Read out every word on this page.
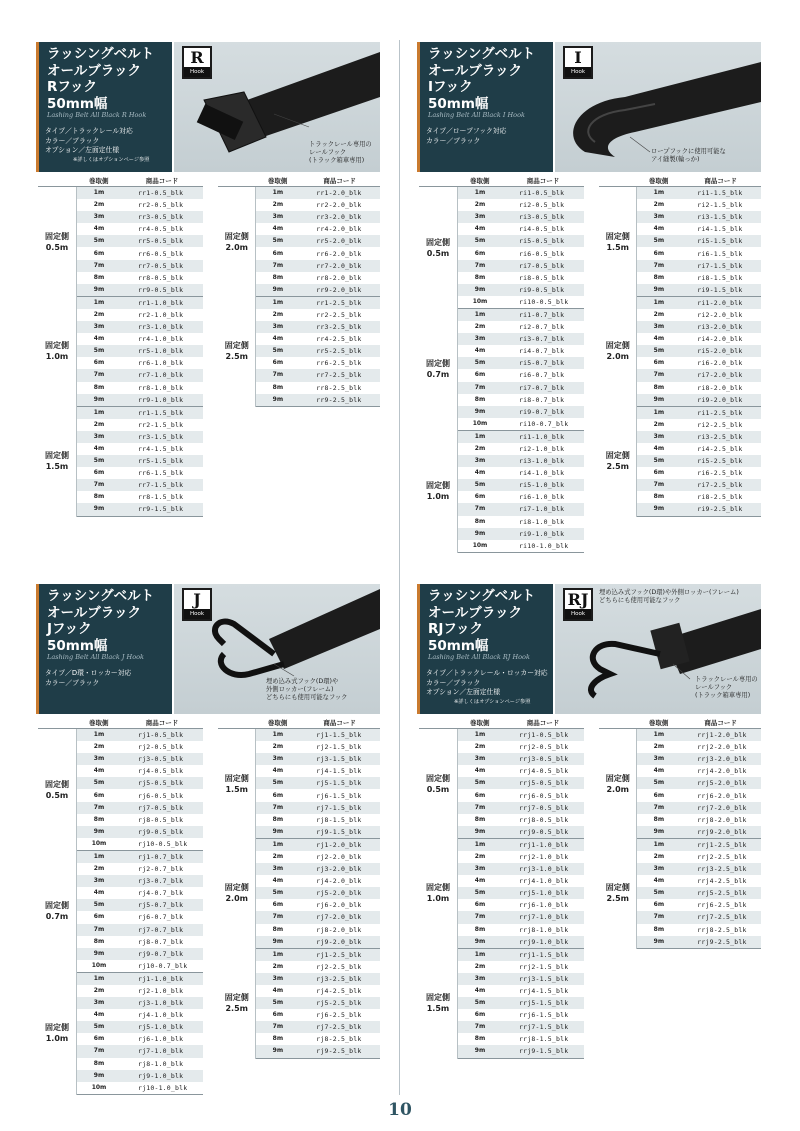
ラッシングベルト
オールブラック
Rフック
50mm幅
Lashing Belt All Black R Hook
タイプ／トラックレール対応
カラー／ブラック
オプション／左面定仕様
※詳しくはオプションページ参照
R
Hook
トラックレール専用の
レールフック
(トラック箱車専用)
	巻取側	商品コード

固定側
0.5m	1m	rr1-0.5_blk
	2m	rr2-0.5_blk
	3m	rr3-0.5_blk
	4m	rr4-0.5_blk
	5m	rr5-0.5_blk
	6m	rr6-0.5_blk
	7m	rr7-0.5_blk
	8m	rr8-0.5_blk
	9m	rr9-0.5_blk

固定側
1.0m	1m	rr1-1.0_blk
	2m	rr2-1.0_blk
	3m	rr3-1.0_blk
	4m	rr4-1.0_blk
	5m	rr5-1.0_blk
	6m	rr6-1.0_blk
	7m	rr7-1.0_blk
	8m	rr8-1.0_blk
	9m	rr9-1.0_blk

固定側
1.5m	1m	rr1-1.5_blk
	2m	rr2-1.5_blk
	3m	rr3-1.5_blk
	4m	rr4-1.5_blk
	5m	rr5-1.5_blk
	6m	rr6-1.5_blk
	7m	rr7-1.5_blk
	8m	rr8-1.5_blk
	9m	rr9-1.5_blk
	巻取側	商品コード

固定側
2.0m	1m	rr1-2.0_blk
	2m	rr2-2.0_blk
	3m	rr3-2.0_blk
	4m	rr4-2.0_blk
	5m	rr5-2.0_blk
	6m	rr6-2.0_blk
	7m	rr7-2.0_blk
	8m	rr8-2.0_blk
	9m	rr9-2.0_blk

固定側
2.5m	1m	rr1-2.5_blk
	2m	rr2-2.5_blk
	3m	rr3-2.5_blk
	4m	rr4-2.5_blk
	5m	rr5-2.5_blk
	6m	rr6-2.5_blk
	7m	rr7-2.5_blk
	8m	rr8-2.5_blk
	9m	rr9-2.5_blk
ラッシングベルト
オールブラック
Iフック
50mm幅
Lashing Belt All Black I Hook
タイプ／ロープフック対応
カラー／ブラック
I
Hook
ロープフックに使用可能な
アイ縫製(輪っか)
	巻取側	商品コード

固定側
0.5m	1m	ri1-0.5_blk
	2m	ri2-0.5_blk
	3m	ri3-0.5_blk
	4m	ri4-0.5_blk
	5m	ri5-0.5_blk
	6m	ri6-0.5_blk
	7m	ri7-0.5_blk
	8m	ri8-0.5_blk
	9m	ri9-0.5_blk
	10m	ri10-0.5_blk

固定側
0.7m	1m	ri1-0.7_blk
	2m	ri2-0.7_blk
	3m	ri3-0.7_blk
	4m	ri4-0.7_blk
	5m	ri5-0.7_blk
	6m	ri6-0.7_blk
	7m	ri7-0.7_blk
	8m	ri8-0.7_blk
	9m	ri9-0.7_blk
	10m	ri10-0.7_blk

固定側
1.0m	1m	ri1-1.0_blk
	2m	ri2-1.0_blk
	3m	ri3-1.0_blk
	4m	ri4-1.0_blk
	5m	ri5-1.0_blk
	6m	ri6-1.0_blk
	7m	ri7-1.0_blk
	8m	ri8-1.0_blk
	9m	ri9-1.0_blk
	10m	ri10-1.0_blk
	巻取側	商品コード

固定側
1.5m	1m	ri1-1.5_blk
	2m	ri2-1.5_blk
	3m	ri3-1.5_blk
	4m	ri4-1.5_blk
	5m	ri5-1.5_blk
	6m	ri6-1.5_blk
	7m	ri7-1.5_blk
	8m	ri8-1.5_blk
	9m	ri9-1.5_blk

固定側
2.0m	1m	ri1-2.0_blk
	2m	ri2-2.0_blk
	3m	ri3-2.0_blk
	4m	ri4-2.0_blk
	5m	ri5-2.0_blk
	6m	ri6-2.0_blk
	7m	ri7-2.0_blk
	8m	ri8-2.0_blk
	9m	ri9-2.0_blk

固定側
2.5m	1m	ri1-2.5_blk
	2m	ri2-2.5_blk
	3m	ri3-2.5_blk
	4m	ri4-2.5_blk
	5m	ri5-2.5_blk
	6m	ri6-2.5_blk
	7m	ri7-2.5_blk
	8m	ri8-2.5_blk
	9m	ri9-2.5_blk
ラッシングベルト
オールブラック
Jフック
50mm幅
Lashing Belt All Black J Hook
タイプ／D環・ロッカー対応
カラー／ブラック
J
Hook
埋め込み式フック(D環)や
外側ロッカー(フレーム)
どちらにも使用可能なフック
	巻取側	商品コード

固定側
0.5m	1m	rj1-0.5_blk
	2m	rj2-0.5_blk
	3m	rj3-0.5_blk
	4m	rj4-0.5_blk
	5m	rj5-0.5_blk
	6m	rj6-0.5_blk
	7m	rj7-0.5_blk
	8m	rj8-0.5_blk
	9m	rj9-0.5_blk
	10m	rj10-0.5_blk

固定側
0.7m	1m	rj1-0.7_blk
	2m	rj2-0.7_blk
	3m	rj3-0.7_blk
	4m	rj4-0.7_blk
	5m	rj5-0.7_blk
	6m	rj6-0.7_blk
	7m	rj7-0.7_blk
	8m	rj8-0.7_blk
	9m	rj9-0.7_blk
	10m	rj10-0.7_blk

固定側
1.0m	1m	rj1-1.0_blk
	2m	rj2-1.0_blk
	3m	rj3-1.0_blk
	4m	rj4-1.0_blk
	5m	rj5-1.0_blk
	6m	rj6-1.0_blk
	7m	rj7-1.0_blk
	8m	rj8-1.0_blk
	9m	rj9-1.0_blk
	10m	rj10-1.0_blk
	巻取側	商品コード

固定側
1.5m	1m	rj1-1.5_blk
	2m	rj2-1.5_blk
	3m	rj3-1.5_blk
	4m	rj4-1.5_blk
	5m	rj5-1.5_blk
	6m	rj6-1.5_blk
	7m	rj7-1.5_blk
	8m	rj8-1.5_blk
	9m	rj9-1.5_blk

固定側
2.0m	1m	rj1-2.0_blk
	2m	rj2-2.0_blk
	3m	rj3-2.0_blk
	4m	rj4-2.0_blk
	5m	rj5-2.0_blk
	6m	rj6-2.0_blk
	7m	rj7-2.0_blk
	8m	rj8-2.0_blk
	9m	rj9-2.0_blk

固定側
2.5m	1m	rj1-2.5_blk
	2m	rj2-2.5_blk
	3m	rj3-2.5_blk
	4m	rj4-2.5_blk
	5m	rj5-2.5_blk
	6m	rj6-2.5_blk
	7m	rj7-2.5_blk
	8m	rj8-2.5_blk
	9m	rj9-2.5_blk
ラッシングベルト
オールブラック
RJフック
50mm幅
Lashing Belt All Black RJ Hook
タイプ／トラックレール・ロッカー対応
カラー／ブラック
オプション／左面定仕様
※詳しくはオプションページ参照
RJ
Hook
埋め込み式フック(D環)や外側ロッカー(フレーム)
どちらにも使用可能なフック
トラックレール専用の
レールフック
(トラック箱車専用)
	巻取側	商品コード

固定側
0.5m	1m	rrj1-0.5_blk
	2m	rrj2-0.5_blk
	3m	rrj3-0.5_blk
	4m	rrj4-0.5_blk
	5m	rrj5-0.5_blk
	6m	rrj6-0.5_blk
	7m	rrj7-0.5_blk
	8m	rrj8-0.5_blk
	9m	rrj9-0.5_blk

固定側
1.0m	1m	rrj1-1.0_blk
	2m	rrj2-1.0_blk
	3m	rrj3-1.0_blk
	4m	rrj4-1.0_blk
	5m	rrj5-1.0_blk
	6m	rrj6-1.0_blk
	7m	rrj7-1.0_blk
	8m	rrj8-1.0_blk
	9m	rrj9-1.0_blk

固定側
1.5m	1m	rrj1-1.5_blk
	2m	rrj2-1.5_blk
	3m	rrj3-1.5_blk
	4m	rrj4-1.5_blk
	5m	rrj5-1.5_blk
	6m	rrj6-1.5_blk
	7m	rrj7-1.5_blk
	8m	rrj8-1.5_blk
	9m	rrj9-1.5_blk
	巻取側	商品コード

固定側
2.0m	1m	rrj1-2.0_blk
	2m	rrj2-2.0_blk
	3m	rrj3-2.0_blk
	4m	rrj4-2.0_blk
	5m	rrj5-2.0_blk
	6m	rrj6-2.0_blk
	7m	rrj7-2.0_blk
	8m	rrj8-2.0_blk
	9m	rrj9-2.0_blk

固定側
2.5m	1m	rrj1-2.5_blk
	2m	rrj2-2.5_blk
	3m	rrj3-2.5_blk
	4m	rrj4-2.5_blk
	5m	rrj5-2.5_blk
	6m	rrj6-2.5_blk
	7m	rrj7-2.5_blk
	8m	rrj8-2.5_blk
	9m	rrj9-2.5_blk
10
